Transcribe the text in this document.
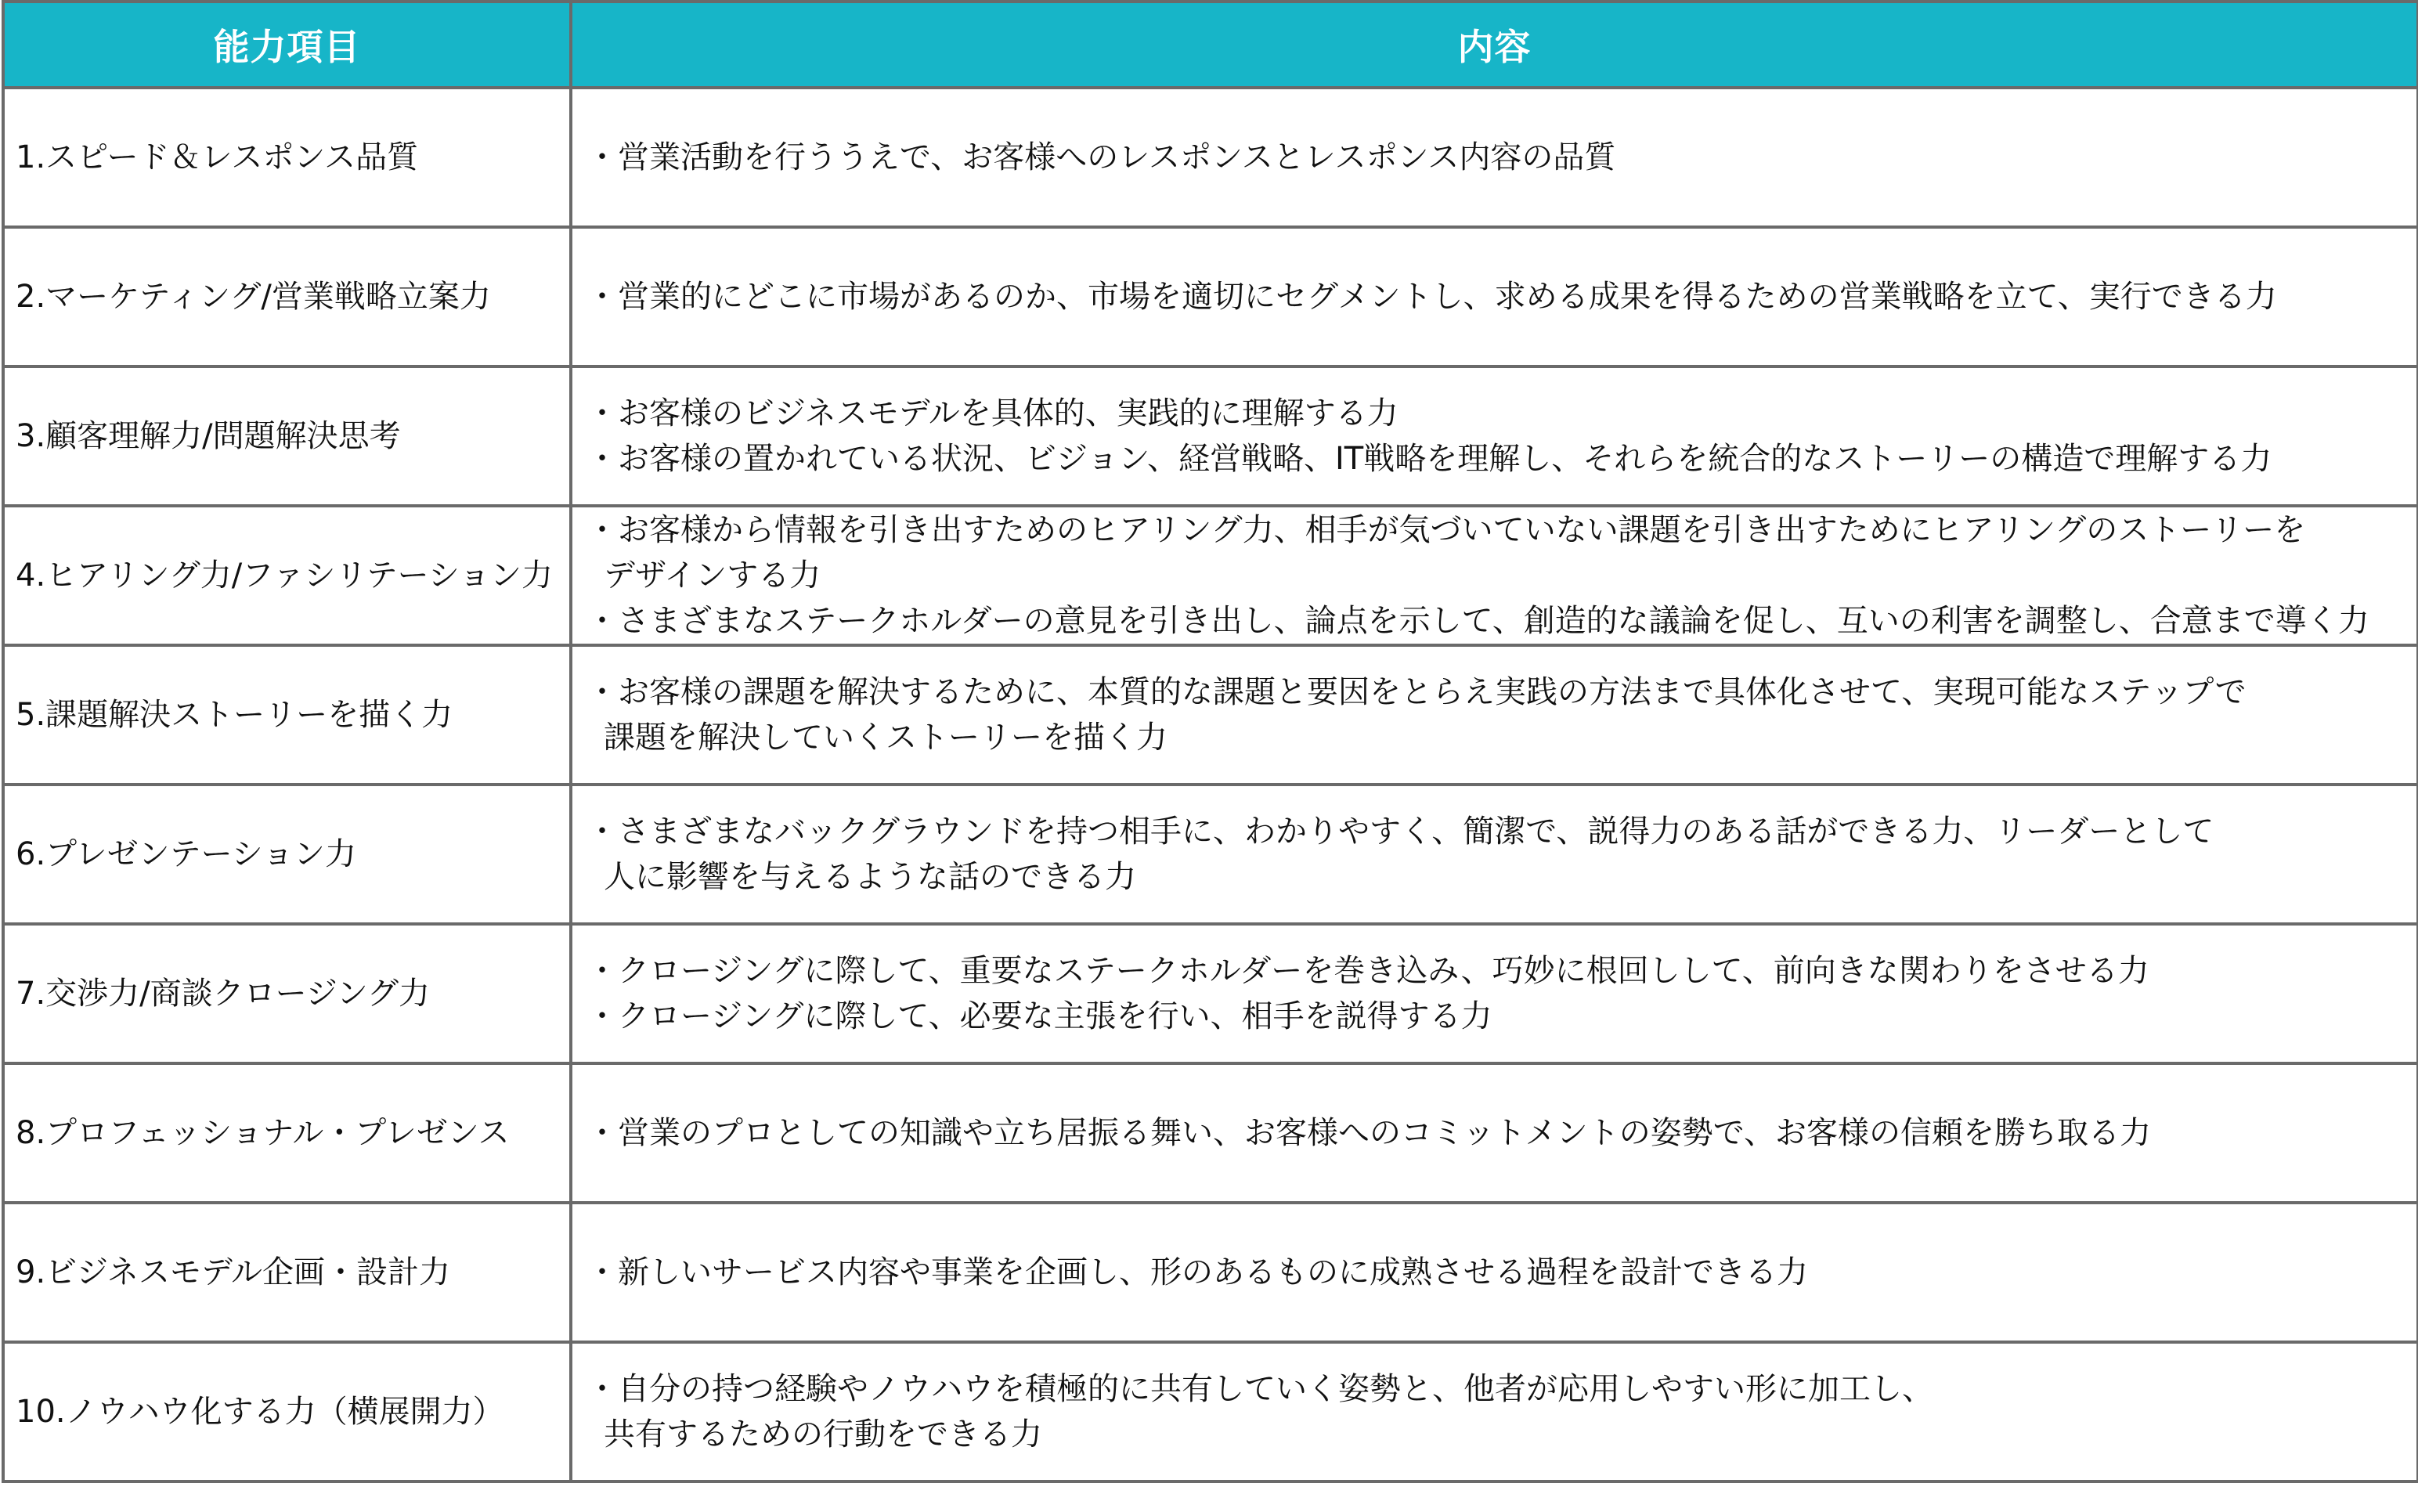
能力項目	内容
1.スピード＆レスポンス品質	・営業活動を行ううえで、お客様へのレスポンスとレスポンス内容の品質

2.マーケティング/営業戦略立案力	・営業的にどこに市場があるのか、市場を適切にセグメントし、求める成果を得るための営業戦略を立て、実行できる力

3.顧客理解力/問題解決思考	・お客様のビジネスモデルを具体的、実践的に理解する力
・お客様の置かれている状況、ビジョン、経営戦略、IT戦略を理解し、それらを統合的なストーリーの構造で理解する力

4.ヒアリング力/ファシリテーション力	・お客様から情報を引き出すためのヒアリング力、相手が気づいていない課題を引き出すためにヒアリングのストーリーを
デザインする力
・さまざまなステークホルダーの意見を引き出し、論点を示して、創造的な議論を促し、互いの利害を調整し、合意まで導く力

5.課題解決ストーリーを描く力	・お客様の課題を解決するために、本質的な課題と要因をとらえ実践の方法まで具体化させて、実現可能なステップで
課題を解決していくストーリーを描く力

6.プレゼンテーション力	・さまざまなバックグラウンドを持つ相手に、わかりやすく、簡潔で、説得力のある話ができる力、リーダーとして
人に影響を与えるような話のできる力

7.交渉力/商談クロージング力	・クロージングに際して、重要なステークホルダーを巻き込み、巧妙に根回しして、前向きな関わりをさせる力
・クロージングに際して、必要な主張を行い、相手を説得する力

8.プロフェッショナル・プレゼンス	・営業のプロとしての知識や立ち居振る舞い、お客様へのコミットメントの姿勢で、お客様の信頼を勝ち取る力

9.ビジネスモデル企画・設計力	・新しいサービス内容や事業を企画し、形のあるものに成熟させる過程を設計できる力

10.ノウハウ化する力（横展開力）	・自分の持つ経験やノウハウを積極的に共有していく姿勢と、他者が応用しやすい形に加工し、
共有するための行動をできる力
